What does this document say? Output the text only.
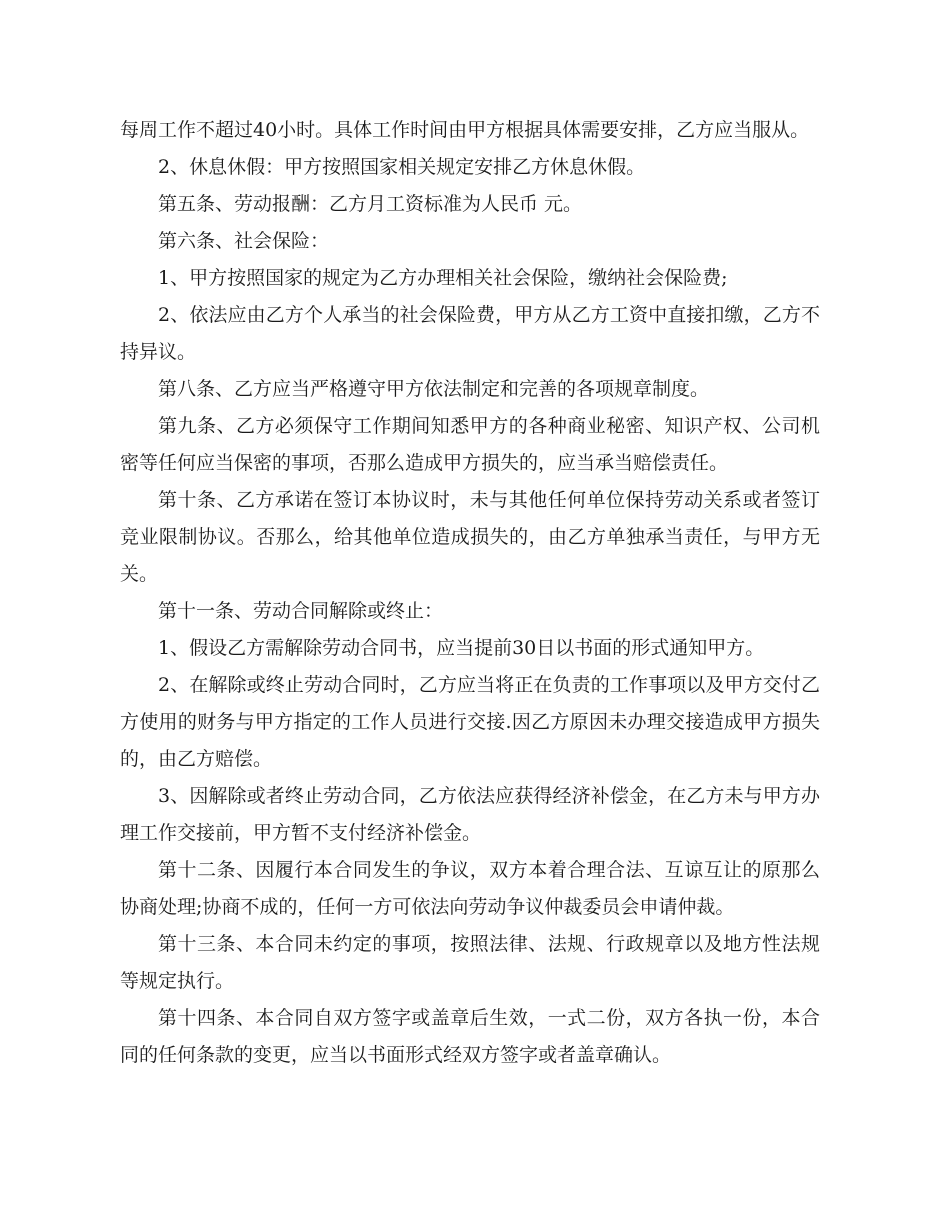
每周工作不超过40小时。具体工作时间由甲方根据具体需要安排，乙方应当服从。

2、休息休假：甲方按照国家相关规定安排乙方休息休假。

第五条、劳动报酬：乙方月工资标准为人民币 元。

第六条、社会保险：

1、甲方按照国家的规定为乙方办理相关社会保险，缴纳社会保险费;

2、依法应由乙方个人承当的社会保险费，甲方从乙方工资中直接扣缴，乙方不持异议。

第八条、乙方应当严格遵守甲方依法制定和完善的各项规章制度。

第九条、乙方必须保守工作期间知悉甲方的各种商业秘密、知识产权、公司机密等任何应当保密的事项，否那么造成甲方损失的，应当承当赔偿责任。

第十条、乙方承诺在签订本协议时，未与其他任何单位保持劳动关系或者签订竞业限制协议。否那么，给其他单位造成损失的，由乙方单独承当责任，与甲方无关。

第十一条、劳动合同解除或终止：

1、假设乙方需解除劳动合同书，应当提前30日以书面的形式通知甲方。

2、在解除或终止劳动合同时，乙方应当将正在负责的工作事项以及甲方交付乙方使用的财务与甲方指定的工作人员进行交接.因乙方原因未办理交接造成甲方损失的，由乙方赔偿。

3、因解除或者终止劳动合同，乙方依法应获得经济补偿金，在乙方未与甲方办理工作交接前，甲方暂不支付经济补偿金。

第十二条、因履行本合同发生的争议，双方本着合理合法、互谅互让的原那么协商处理;协商不成的，任何一方可依法向劳动争议仲裁委员会申请仲裁。

第十三条、本合同未约定的事项，按照法律、法规、行政规章以及地方性法规等规定执行。

第十四条、本合同自双方签字或盖章后生效，一式二份，双方各执一份，本合同的任何条款的变更，应当以书面形式经双方签字或者盖章确认。
